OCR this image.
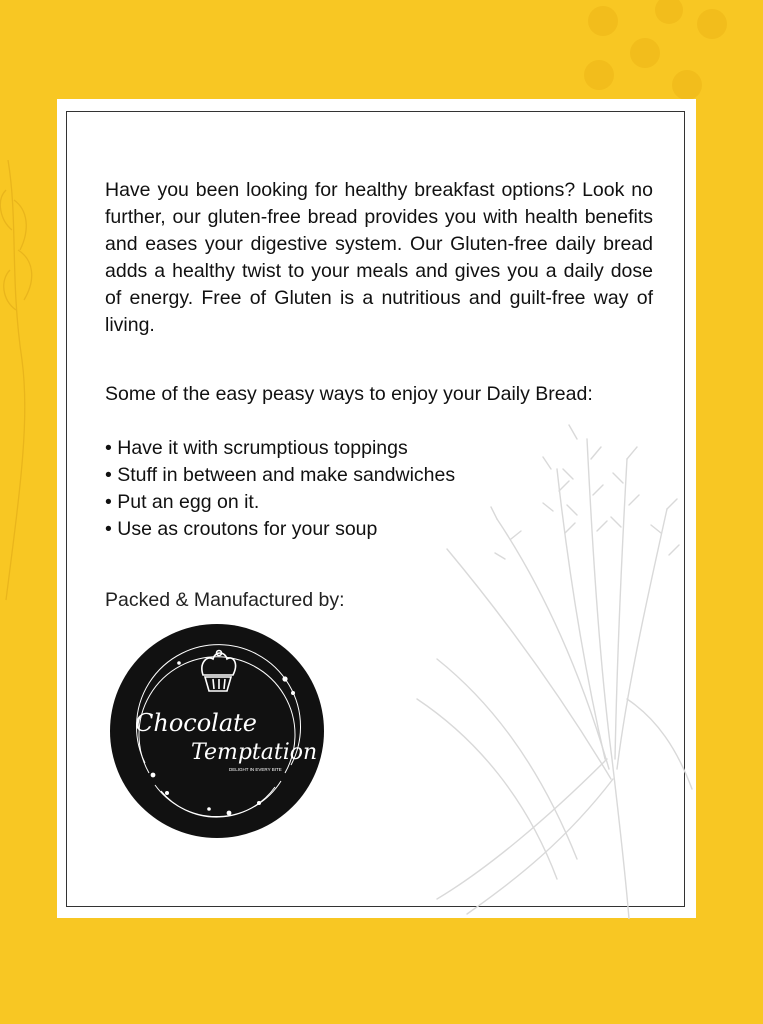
Have you been looking for healthy breakfast options? Look no further, our gluten-free bread provides you with health benefits and eases your digestive system. Our Gluten-free daily bread adds a healthy twist to your meals and gives you a daily dose of energy. Free of Gluten is a nutritious and guilt-free way of living.

Some of the easy peasy ways to enjoy your Daily Bread:

• Have it with scrumptious toppings
• Stuff in between and make sandwiches
• Put an egg on it.
• Use as croutons for your soup
Packed & Manufactured by:
Chocolate
Temptation
DELIGHT IN EVERY BITE
